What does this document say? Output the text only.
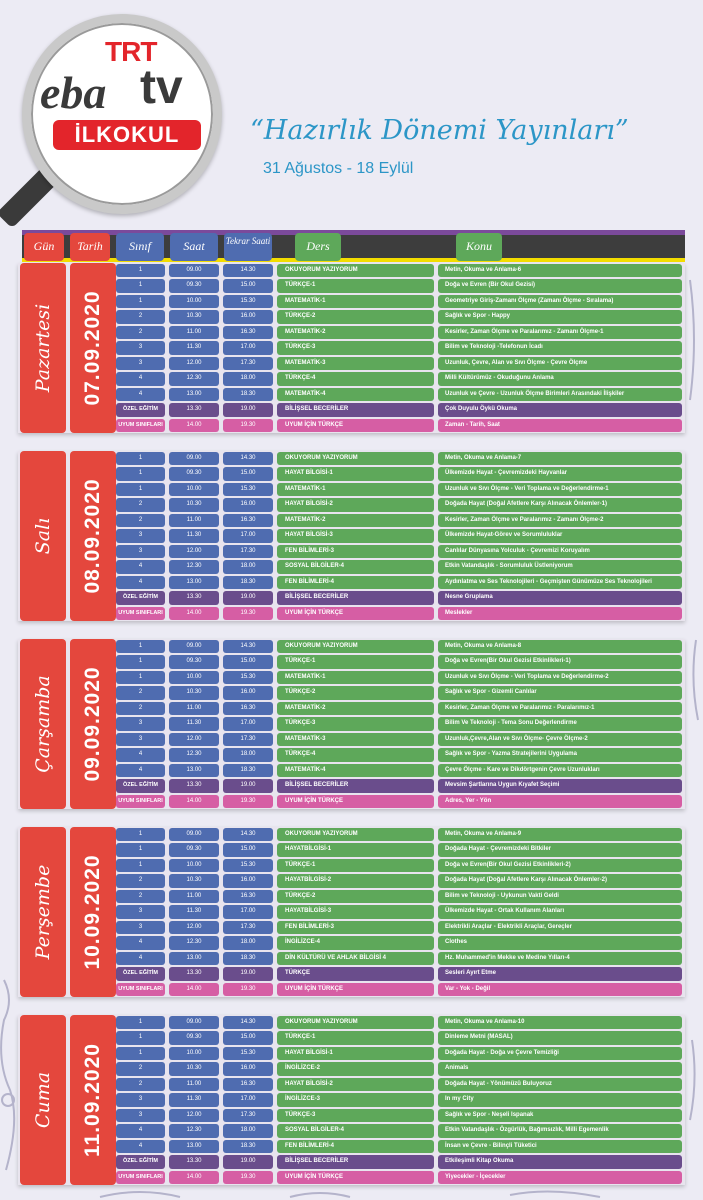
TRT
eba tv
İLKOKUL	“Hazırlık Dönemi Yayınları”
31 Ağustos - 18 Eylül
Gün	Tarih	Sınıf	Saat	Tekrar Saati	Ders	Konu
Pazartesi 07.09.2020
1	09.00	14.30	OKUYORUM YAZIYORUM	Metin, Okuma ve Anlama-6
1	09.30	15.00	TÜRKÇE-1	Doğa ve Evren (Bir Okul Gezisi)
1	10.00	15.30	MATEMATİK-1	Geometriye Giriş-Zamanı Ölçme (Zamanı Ölçme - Sıralama)
2	10.30	16.00	TÜRKÇE-2	Sağlık ve Spor - Happy
2	11.00	16.30	MATEMATİK-2	Kesirler, Zaman Ölçme ve Paralarımız - Zamanı Ölçme-1
3	11.30	17.00	TÜRKÇE-3	Bilim ve Teknoloji -Telefonun İcadı
3	12.00	17.30	MATEMATİK-3	Uzunluk, Çevre, Alan ve Sıvı Ölçme - Çevre Ölçme
4	12.30	18.00	TÜRKÇE-4	Milli Kültürümüz - Okuduğunu Anlama
4	13.00	18.30	MATEMATİK-4	Uzunluk ve Çevre - Uzunluk Ölçme Birimleri Arasındaki İlişkiler
ÖZEL EĞİTİM	13.30	19.00	BİLİŞSEL BECERİLER	Çok Duyulu Öykü Okuma
UYUM SINIFLARI	14.00	19.30	UYUM İÇİN TÜRKÇE	Zaman - Tarih, Saat
Salı 08.09.2020
1	09.00	14.30	OKUYORUM YAZIYORUM	Metin, Okuma ve Anlama-7
1	09.30	15.00	HAYAT BİLGİSİ-1	Ülkemizde Hayat - Çevremizdeki Hayvanlar
1	10.00	15.30	MATEMATİK-1	Uzunluk ve Sıvı Ölçme - Veri Toplama ve Değerlendirme-1
2	10.30	16.00	HAYAT BİLGİSİ-2	Doğada Hayat (Doğal Afetlere Karşı Alınacak Önlemler-1)
2	11.00	16.30	MATEMATİK-2	Kesirler, Zaman Ölçme ve Paralarımız - Zamanı Ölçme-2
3	11.30	17.00	HAYAT BİLGİSİ-3	Ülkemizde Hayat-Görev ve Sorumluluklar
3	12.00	17.30	FEN BİLİMLERİ-3	Canlılar Dünyasına Yolculuk - Çevremizi Koruyalım
4	12.30	18.00	SOSYAL BİLGİLER-4	Etkin Vatandaşlık - Sorumluluk Üstleniyorum
4	13.00	18.30	FEN BİLİMLERİ-4	Aydınlatma ve Ses Teknolojileri - Geçmişten Günümüze Ses Teknolojileri
ÖZEL EĞİTİM	13.30	19.00	BİLİŞSEL BECERİLER	Nesne Gruplama
UYUM SINIFLARI	14.00	19.30	UYUM İÇİN TÜRKÇE	Meslekler
Çarşamba 09.09.2020
1	09.00	14.30	OKUYORUM YAZIYORUM	Metin, Okuma ve Anlama-8
1	09.30	15.00	TÜRKÇE-1	Doğa ve Evren(Bir Okul Gezisi Etkinlikleri-1)
1	10.00	15.30	MATEMATİK-1	Uzunluk ve Sıvı Ölçme - Veri Toplama ve Değerlendirme-2
2	10.30	16.00	TÜRKÇE-2	Sağlık ve Spor - Gizemli Canlılar
2	11.00	16.30	MATEMATİK-2	Kesirler, Zaman Ölçme ve Paralarımız - Paralarımız-1
3	11.30	17.00	TÜRKÇE-3	Bilim Ve Teknoloji - Tema Sonu Değerlendirme
3	12.00	17.30	MATEMATİK-3	Uzunluk,Çevre,Alan ve Sıvı Ölçme- Çevre Ölçme-2
4	12.30	18.00	TÜRKÇE-4	Sağlık ve Spor - Yazma Stratejilerini Uygulama
4	13.00	18.30	MATEMATİK-4	Çevre Ölçme - Kare ve Dikdörtgenin Çevre Uzunlukları
ÖZEL EĞİTİM	13.30	19.00	BİLİŞSEL BECERİLER	Mevsim Şartlarına Uygun Kıyafet Seçimi
UYUM SINIFLARI	14.00	19.30	UYUM İÇİN TÜRKÇE	Adres, Yer - Yön
Perşembe 10.09.2020
1	09.00	14.30	OKUYORUM YAZIYORUM	Metin, Okuma ve Anlama-9
1	09.30	15.00	HAYATBİLGİSİ-1	Doğada Hayat - Çevremizdeki Bitkiler
1	10.00	15.30	TÜRKÇE-1	Doğa ve Evren(Bir Okul Gezisi Etkinlikleri-2)
2	10.30	16.00	HAYATBİLGİSİ-2	Doğada Hayat (Doğal Afetlere Karşı Alınacak Önlemler-2)
2	11.00	16.30	TÜRKÇE-2	Bilim ve Teknoloji - Uykunun Vakti Geldi
3	11.30	17.00	HAYATBİLGİSİ-3	Ülkemizde Hayat - Ortak Kullanım Alanları
3	12.00	17.30	FEN BİLİMLERİ-3	Elektrikli Araçlar - Elektrikli Araçlar, Gereçler
4	12.30	18.00	İNGİLİZCE-4	Clothes
4	13.00	18.30	DİN KÜLTÜRÜ VE AHLAK BİLGİSİ 4	Hz. Muhammed'in Mekke ve Medine Yılları-4
ÖZEL EĞİTİM	13.30	19.00	TÜRKÇE	Sesleri Ayırt Etme
UYUM SINIFLARI	14.00	19.30	UYUM İÇİN TÜRKÇE	Var - Yok - Değil
Cuma 11.09.2020
1	09.00	14.30	OKUYORUM YAZIYORUM	Metin, Okuma ve Anlama-10
1	09.30	15.00	TÜRKÇE-1	Dinleme Metni (MASAL)
1	10.00	15.30	HAYAT BİLGİSİ-1	Doğada Hayat - Doğa ve Çevre Temizliği
2	10.30	16.00	İNGİLİZCE-2	Animals
2	11.00	16.30	HAYAT BİLGİSİ-2	Doğada Hayat - Yönümüzü Buluyoruz
3	11.30	17.00	İNGİLİZCE-3	In my City
3	12.00	17.30	TÜRKÇE-3	Sağlık ve Spor - Neşeli Ispanak
4	12.30	18.00	SOSYAL BİLGİLER-4	Etkin Vatandaşlık - Özgürlük, Bağımsızlık, Milli Egemenlik
4	13.00	18.30	FEN BİLİMLERİ-4	İnsan ve Çevre - Bilinçli Tüketici
ÖZEL EĞİTİM	13.30	19.00	BİLİŞSEL BECERİLER	Etkileşimli Kitap Okuma
UYUM SINIFLARI	14.00	19.30	UYUM İÇİN TÜRKÇE	Yiyecekler - İçecekler
